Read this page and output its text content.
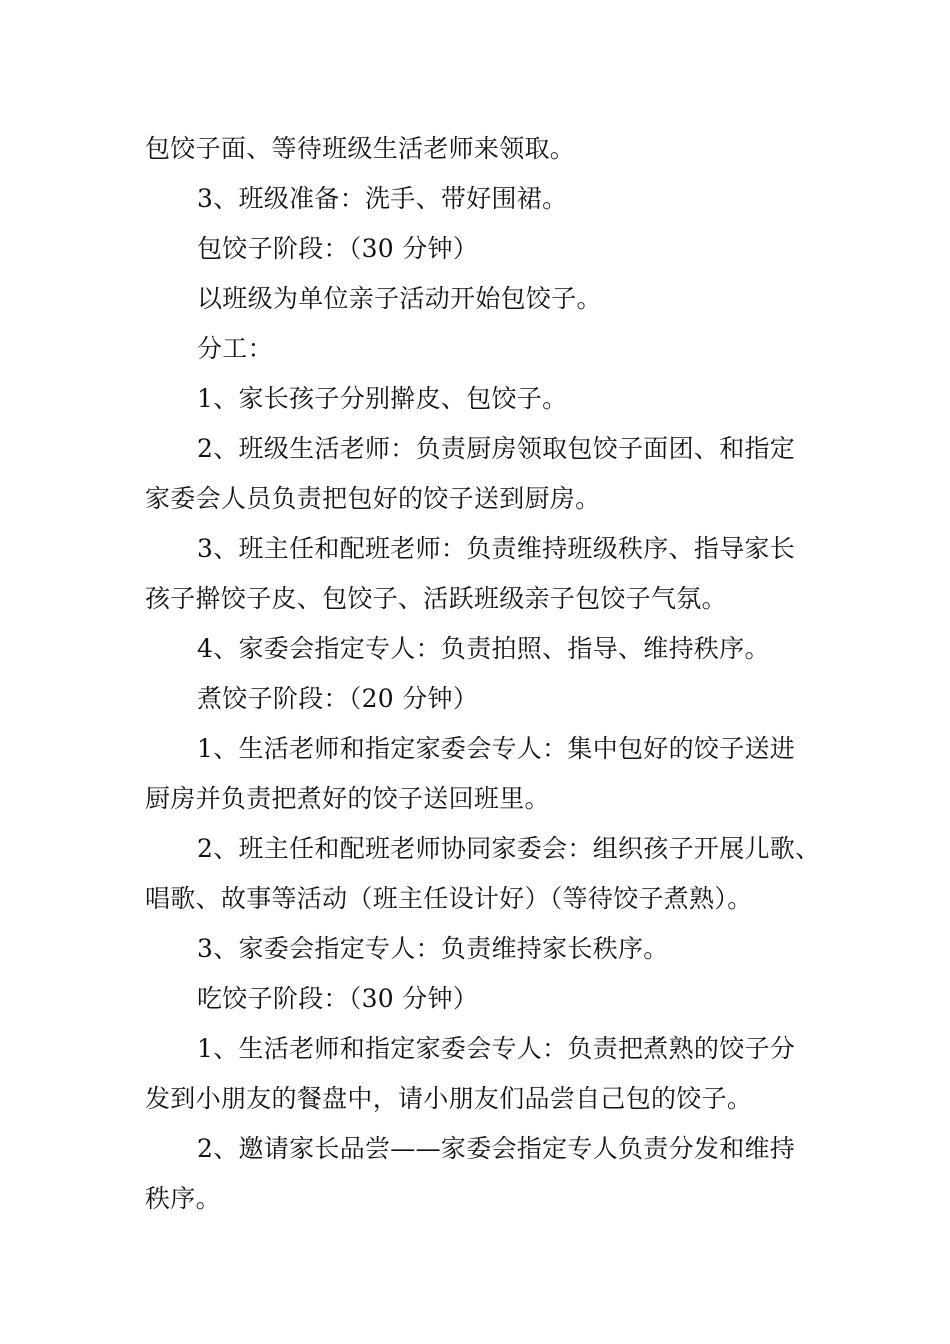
包饺子面、等待班级生活老师来领取。
3、班级准备：洗手、带好围裙。
包饺子阶段：（30 分钟）
以班级为单位亲子活动开始包饺子。
分工：
1、家长孩子分别擀皮、包饺子。
2、班级生活老师：负责厨房领取包饺子面团、和指定
家委会人员负责把包好的饺子送到厨房。
3、班主任和配班老师：负责维持班级秩序、指导家长
孩子擀饺子皮、包饺子、活跃班级亲子包饺子气氛。
4、家委会指定专人：负责拍照、指导、维持秩序。
煮饺子阶段：（20 分钟）
1、生活老师和指定家委会专人：集中包好的饺子送进
厨房并负责把煮好的饺子送回班里。
2、班主任和配班老师协同家委会：组织孩子开展儿歌、
唱歌、故事等活动（班主任设计好）（等待饺子煮熟）。
3、家委会指定专人：负责维持家长秩序。
吃饺子阶段：（30 分钟）
1、生活老师和指定家委会专人：负责把煮熟的饺子分
发到小朋友的餐盘中，请小朋友们品尝自己包的饺子。
2、邀请家长品尝——家委会指定专人负责分发和维持
秩序。
